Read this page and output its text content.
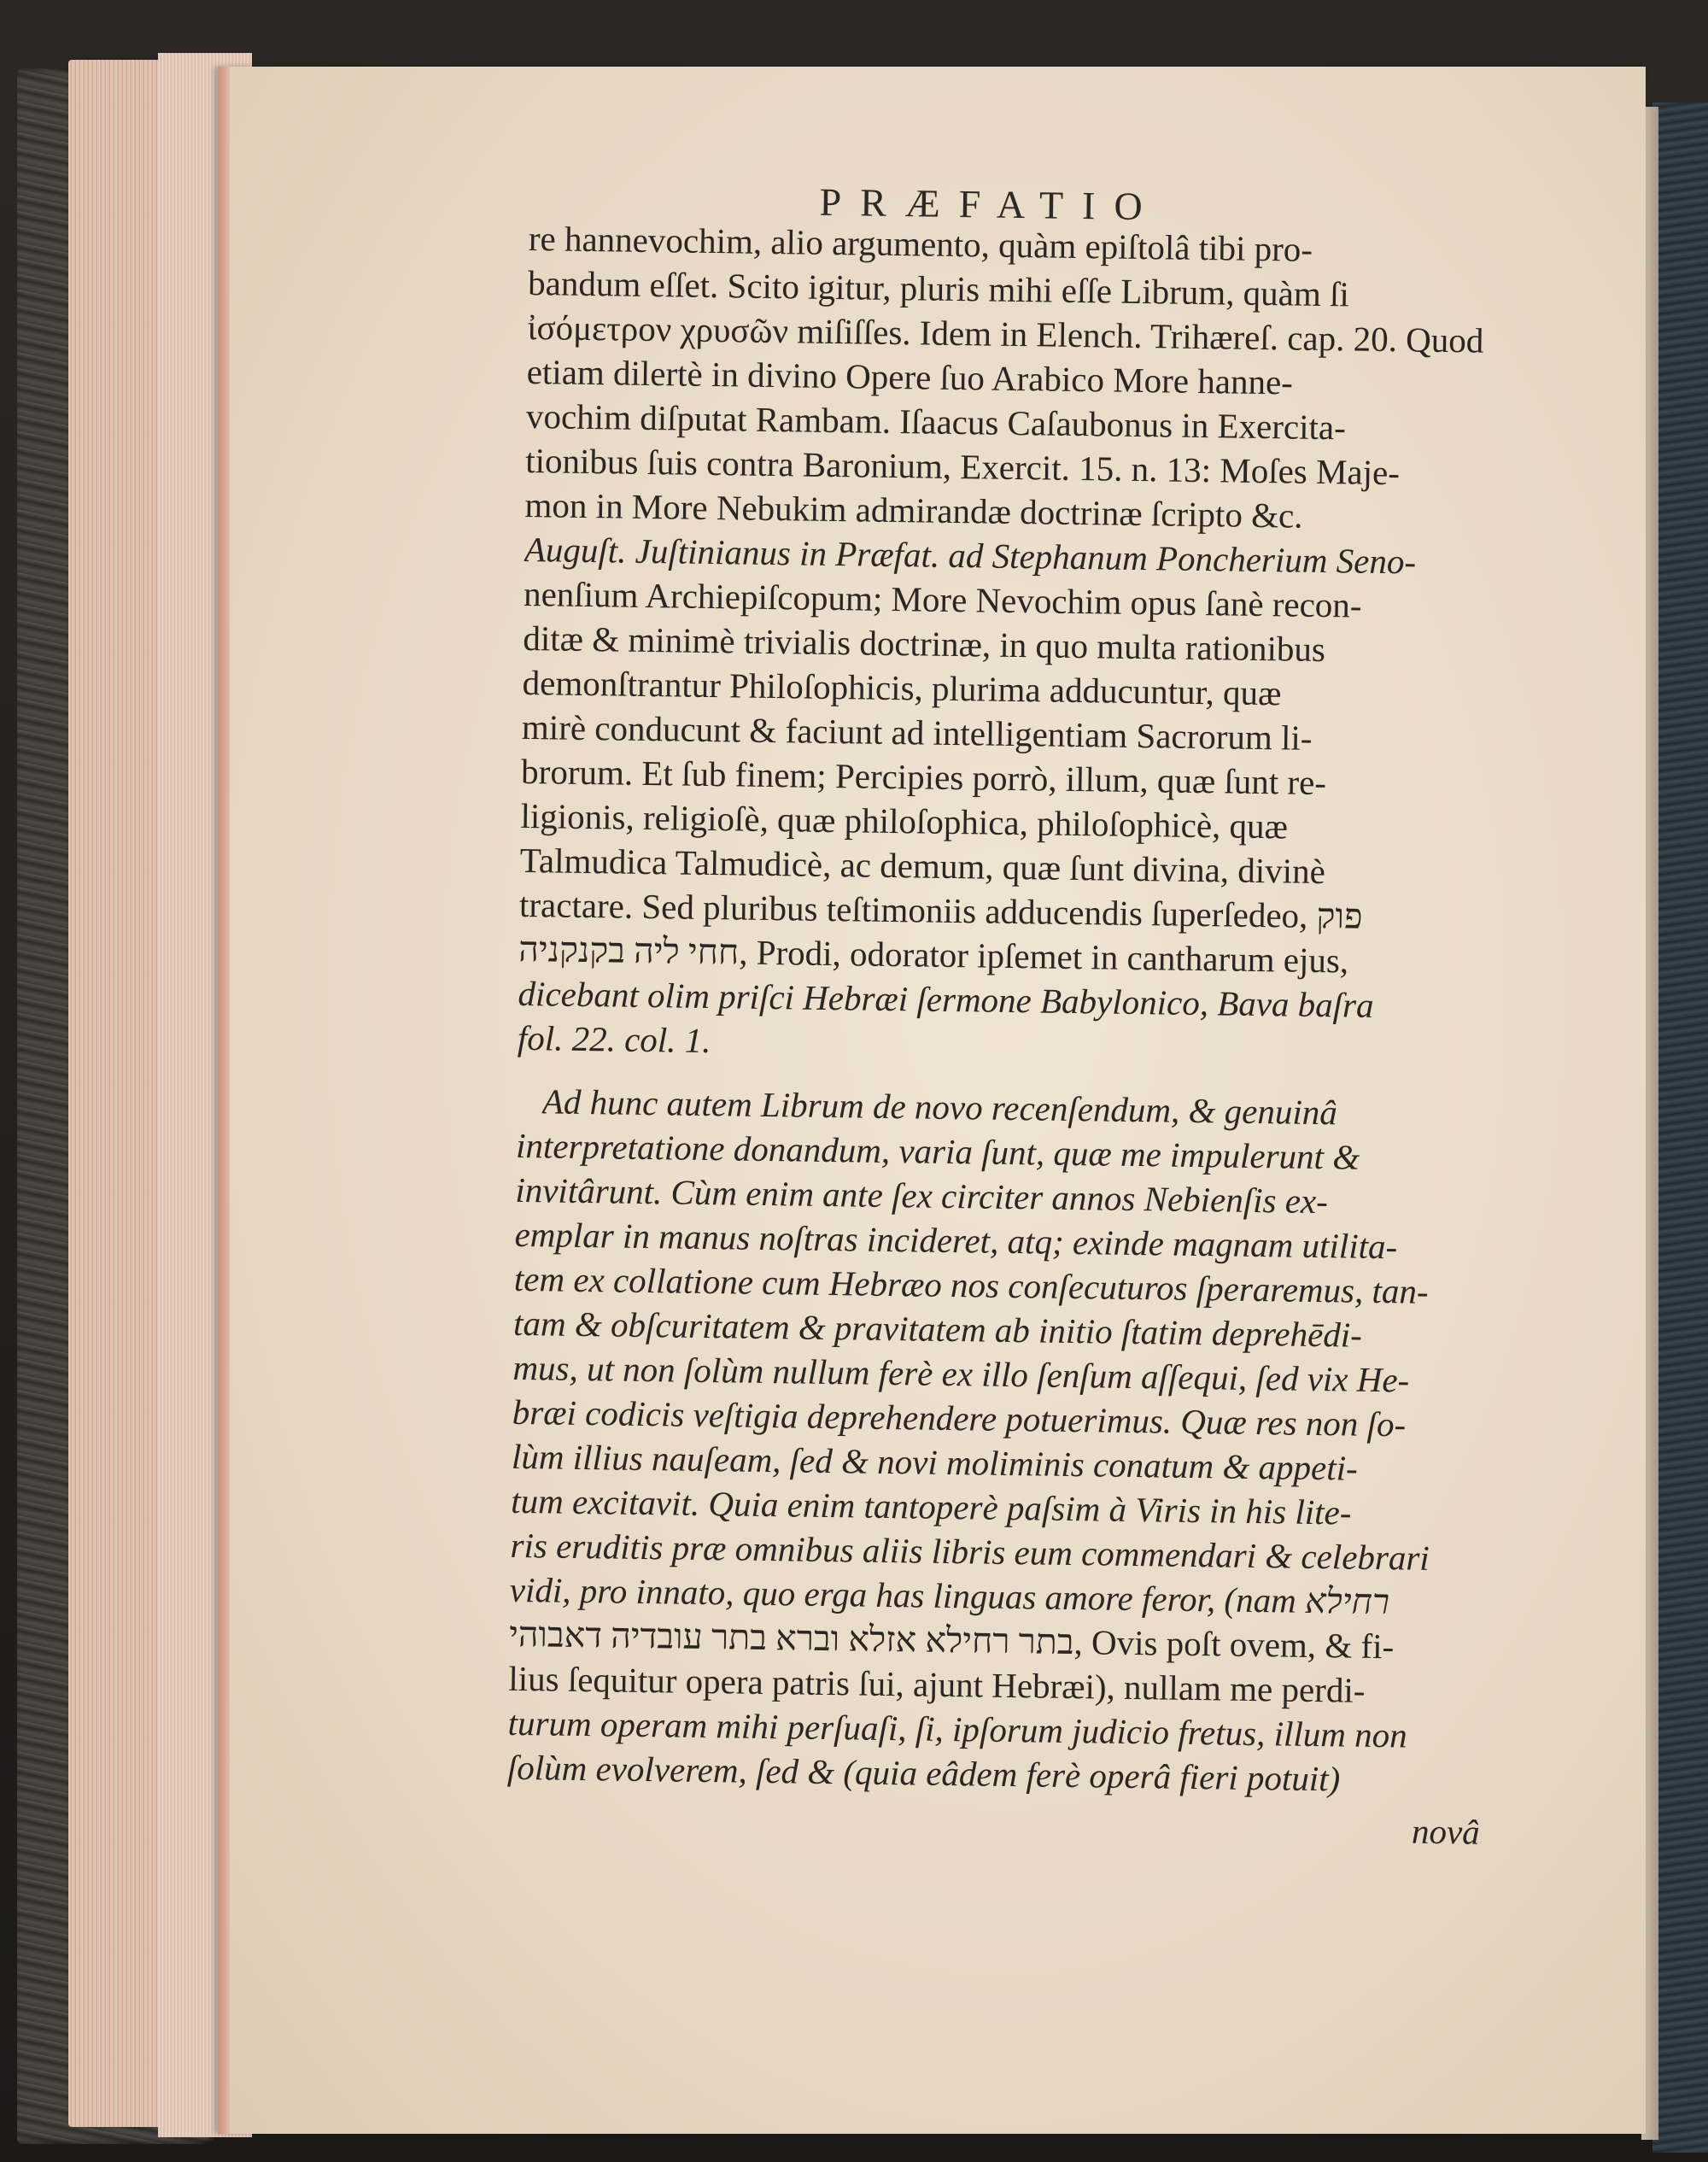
PRÆFATIO
re hannevochim, alio argumento, quàm epiſtolâ tibi pro-
bandum eſſet. Scito igitur, pluris mihi eſſe Librum, quàm ſi
ἰσόμετρον χρυσῶν miſiſſes. Idem in Elench. Trihæreſ. cap. 20. Quod
etiam dilertè in divino Opere ſuo Arabico More hanne-
vochim diſputat Rambam. Iſaacus Caſaubonus in Exercita-
tionibus ſuis contra Baronium, Exercit. 15. n. 13: Moſes Maje-
mon in More Nebukim admirandæ doctrinæ ſcripto &c.
Auguſt. Juſtinianus in Præfat. ad Stephanum Poncherium Seno-
nenſium Archiepiſcopum; More Nevochim opus ſanè recon-
ditæ & minimè trivialis doctrinæ, in quo multa rationibus
demonſtrantur Philoſophicis, plurima adducuntur, quæ
mirè conducunt & faciunt ad intelligentiam Sacrorum li-
brorum. Et ſub finem; Percipies porrò, illum, quæ ſunt re-
ligionis, religioſè, quæ philoſophica, philoſophicè, quæ
Talmudica Talmudicè, ac demum, quæ ſunt divina, divinè
tractare. Sed pluribus teſtimoniis adducendis ſuperſedeo, פוק
חחי ליה בקנקניה, Prodi, odorator ipſemet in cantharum ejus,
dicebant olim priſci Hebræi ſermone Babylonico, Bava baſra
fol. 22. col. 1.
Ad hunc autem Librum de novo recenſendum, & genuinâ
interpretatione donandum, varia ſunt, quæ me impulerunt &
invitârunt. Cùm enim ante ſex circiter annos Nebienſis ex-
emplar in manus noſtras incideret, atq; exinde magnam utilita-
tem ex collatione cum Hebræo nos conſecuturos ſperaremus, tan-
tam & obſcuritatem & pravitatem ab initio ſtatim deprehēdi-
mus, ut non ſolùm nullum ferè ex illo ſenſum aſſequi, ſed vix He-
bræi codicis veſtigia deprehendere potuerimus. Quæ res non ſo-
lùm illius nauſeam, ſed & novi moliminis conatum & appeti-
tum excitavit. Quia enim tantoperè paſsim à Viris in his lite-
ris eruditis præ omnibus aliis libris eum commendari & celebrari
vidi, pro innato, quo erga has linguas amore feror, (nam רחילא
בתר רחילא אזלא וברא בתר עובדיה דאבוהי, Ovis poſt ovem, & fi-
lius ſequitur opera patris ſui, ajunt Hebræi), nullam me perdi-
turum operam mihi perſuaſi, ſi, ipſorum judicio fretus, illum non
ſolùm evolverem, ſed & (quia eâdem ferè operâ fieri potuit)
novâ
